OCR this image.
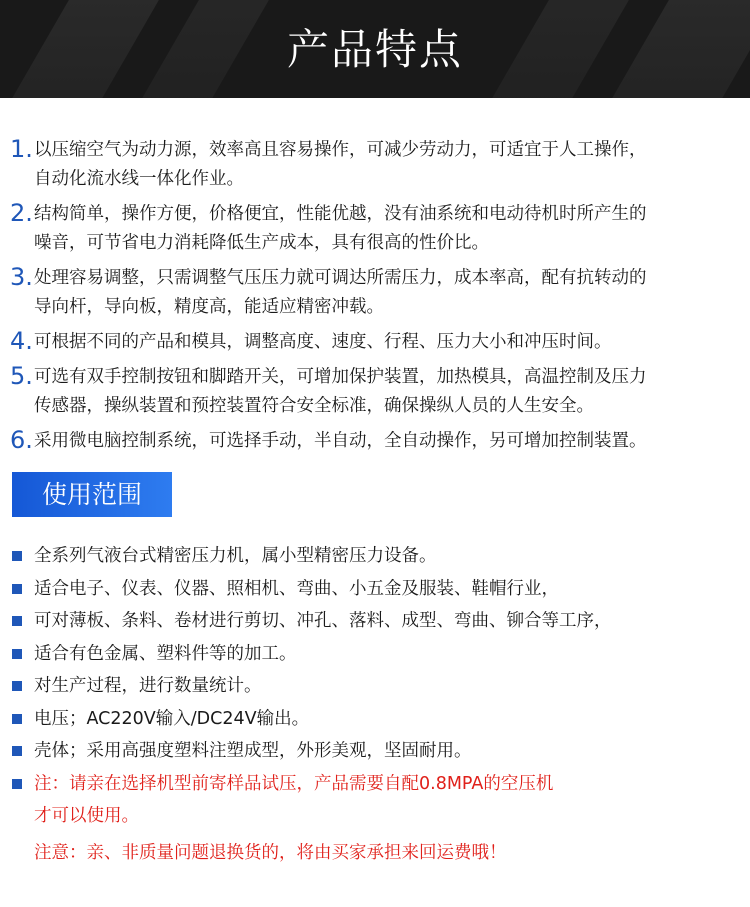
产品特点
1. 以压缩空气为动力源，效率高且容易操作，可减少劳动力，可适宜于人工操作，
自动化流水线一体化作业。
2. 结构简单，操作方便，价格便宜，性能优越，没有油系统和电动待机时所产生的
噪音，可节省电力消耗降低生产成本，具有很高的性价比。
3. 处理容易调整，只需调整气压压力就可调达所需压力，成本率高，配有抗转动的
导向杆，导向板，精度高，能适应精密冲载。
4. 可根据不同的产品和模具，调整高度、速度、行程、压力大小和冲压时间。
5. 可选有双手控制按钮和脚踏开关，可增加保护装置，加热模具，高温控制及压力
传感器，操纵装置和预控装置符合安全标准，确保操纵人员的人生安全。
6. 采用微电脑控制系统，可选择手动，半自动，全自动操作，另可增加控制装置。
使用范围
全系列气液台式精密压力机，属小型精密压力设备。
适合电子、仪表、仪器、照相机、弯曲、小五金及服装、鞋帽行业，
可对薄板、条料、卷材进行剪切、冲孔、落料、成型、弯曲、铆合等工序，
适合有色金属、塑料件等的加工。
对生产过程，进行数量统计。
电压；AC220V输入/DC24V输出。
壳体；采用高强度塑料注塑成型，外形美观，坚固耐用。
注：请亲在选择机型前寄样品试压，产品需要自配0.8MPA的空压机
才可以使用。
注意：亲、非质量问题退换货的，将由买家承担来回运费哦！
